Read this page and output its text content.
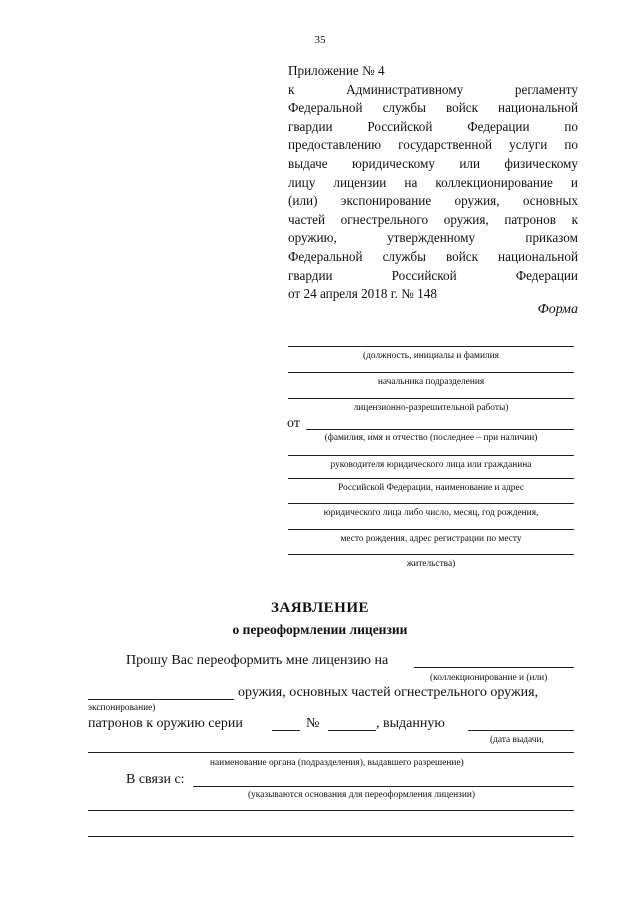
35
Приложение № 4
к Административному регламенту
Федеральной службы войск национальной
гвардии Российской Федерации по
предоставлению государственной услуги по
выдаче юридическому или физическому
лицу лицензии на коллекционирование и
(или) экспонирование оружия, основных
частей огнестрельного оружия, патронов к
оружию, утвержденному приказом
Федеральной службы войск национальной
гвардии Российской Федерации
от 24 апреля 2018 г. № 148
Форма
(должность, инициалы и фамилия
начальника подразделения
лицензионно-разрешительной работы)
от
(фамилия, имя и отчество (последнее – при наличии)
руководителя юридического лица или гражданина
Российской Федерации, наименование и адрес
юридического лица либо число, месяц, год рождения,
место рождения, адрес регистрации по месту
жительства)
ЗАЯВЛЕНИЕ
о переоформлении лицензии
Прошу Вас переоформить мне лицензию на
(коллекционирование и (или)
оружия, основных частей огнестрельного оружия,
экспонирование)
патронов к оружию серии	№	, выданную
(дата выдачи,
наименование органа (подразделения), выдавшего разрешение)
В связи с:
(указываются основания для переоформления лицензии)
